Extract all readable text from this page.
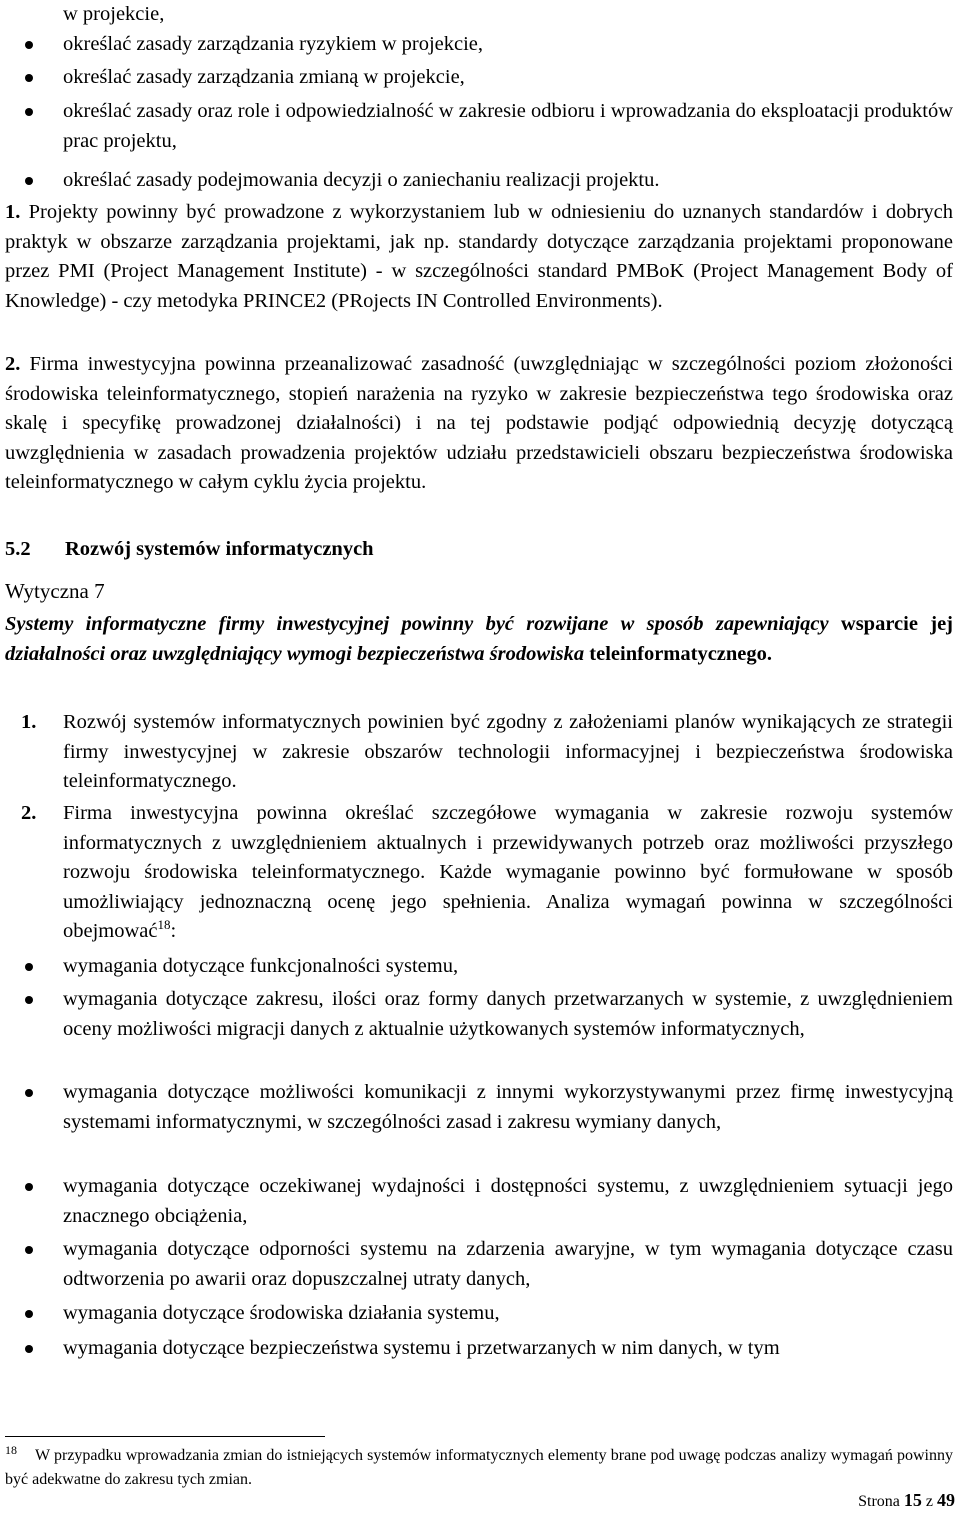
w projekcie,
określać zasady zarządzania ryzykiem w projekcie,
określać zasady zarządzania zmianą w projekcie,
określać zasady oraz role i odpowiedzialność w zakresie odbioru i wprowadzania do eksploatacji produktów prac projektu,
określać zasady podejmowania decyzji o zaniechaniu realizacji projektu.
1. Projekty powinny być prowadzone z wykorzystaniem lub w odniesieniu do uznanych standardów i dobrych praktyk w obszarze zarządzania projektami, jak np. standardy dotyczące zarządzania projektami proponowane przez PMI (Project Management Institute) - w szczególności standard PMBoK (Project Management Body of Knowledge) - czy metodyka PRINCE2 (PRojects IN Controlled Environments).
2. Firma inwestycyjna powinna przeanalizować zasadność (uwzględniając w szczególności poziom złożoności środowiska teleinformatycznego, stopień narażenia na ryzyko w zakresie bezpieczeństwa tego środowiska oraz skalę i specyfikę prowadzonej działalności) i na tej podstawie podjąć odpowiednią decyzję dotyczącą uwzględnienia w zasadach prowadzenia projektów udziału przedstawicieli obszaru bezpieczeństwa środowiska teleinformatycznego w całym cyklu życia projektu.
5.2 Rozwój systemów informatycznych
Wytyczna 7
Systemy informatyczne firmy inwestycyjnej powinny być rozwijane w sposób zapewniający wsparcie jej działalności oraz uwzględniający wymogi bezpieczeństwa środowiska teleinformatycznego.
1.	Rozwój systemów informatycznych powinien być zgodny z założeniami planów wynikających ze strategii firmy inwestycyjnej w zakresie obszarów technologii informacyjnej i bezpieczeństwa środowiska teleinformatycznego.
2.	Firma inwestycyjna powinna określać szczegółowe wymagania w zakresie rozwoju systemów informatycznych z uwzględnieniem aktualnych i przewidywanych potrzeb oraz możliwości przyszłego rozwoju środowiska teleinformatycznego. Każde wymaganie powinno być formułowane w sposób umożliwiający jednoznaczną ocenę jego spełnienia. Analiza wymagań powinna w szczególności obejmować$^{18}$:
wymagania dotyczące funkcjonalności systemu,
wymagania dotyczące zakresu, ilości oraz formy danych przetwarzanych w systemie, z uwzględnieniem oceny możliwości migracji danych z aktualnie użytkowanych systemów informatycznych,
wymagania dotyczące możliwości komunikacji z innymi wykorzystywanymi przez firmę inwestycyjną systemami informatycznymi, w szczególności zasad i zakresu wymiany danych,
wymagania dotyczące oczekiwanej wydajności i dostępności systemu, z uwzględnieniem sytuacji jego znacznego obciążenia,
wymagania dotyczące odporności systemu na zdarzenia awaryjne, w tym wymagania dotyczące czasu odtworzenia po awarii oraz dopuszczalnej utraty danych,
wymagania dotyczące środowiska działania systemu,
wymagania dotyczące bezpieczeństwa systemu i przetwarzanych w nim danych, w tym
$^{18}$ W przypadku wprowadzania zmian do istniejących systemów informatycznych elementy brane pod uwagę podczas analizy wymagań powinny być adekwatne do zakresu tych zmian.
Strona 15 z 49
